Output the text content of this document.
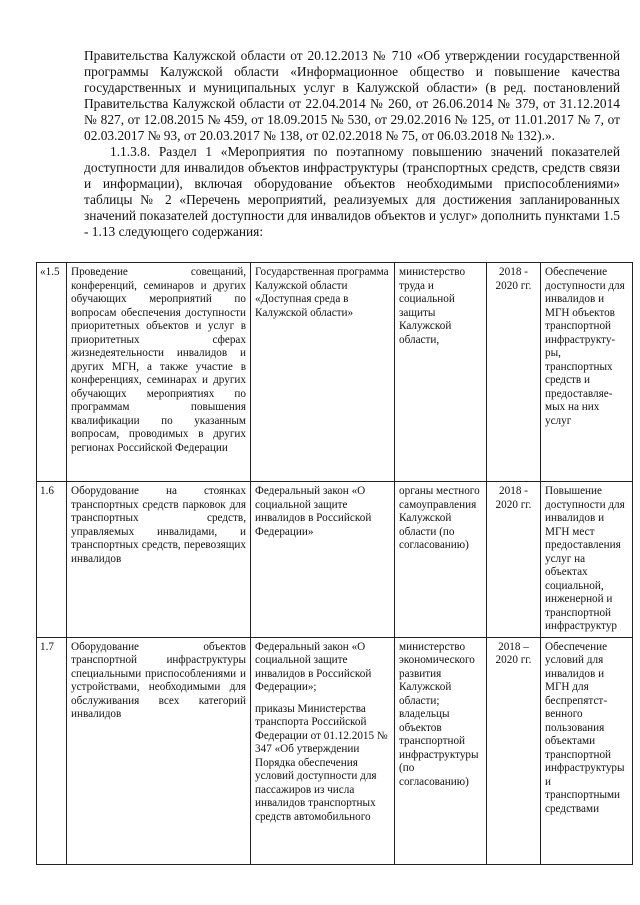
Правительства Калужской области от 20.12.2013 № 710 «Об утверждении государственной программы Калужской области «Информационное общество и повышение качества государственных и муниципальных услуг в Калужской области» (в ред. постановлений Правительства Калужской области от 22.04.2014 № 260, от 26.06.2014 № 379, от 31.12.2014 № 827, от 12.08.2015 № 459, от 18.09.2015 № 530, от 29.02.2016 № 125, от 11.01.2017 № 7, от 02.03.2017 № 93, от 20.03.2017 № 138, от 02.02.2018 № 75, от 06.03.2018 № 132).».

1.1.3.8. Раздел 1 «Мероприятия по поэтапному повышению значений показателей доступности для инвалидов объектов инфраструктуры (транспортных средств, средств связи и информации), включая оборудование объектов необходимыми приспособлениями» таблицы № 2 «Перечень мероприятий, реализуемых для достижения запланированных значений показателей доступности для инвалидов объектов и услуг» дополнить пунктами 1.5 - 1.13 следующего содержания:

«1.5	Проведение совещаний, конференций, семинаров и других обучающих мероприятий по вопросам обеспечения доступности приоритетных объектов и услуг в приоритетных сферах жизнедеятельности инвалидов и других МГН, а также участие в конференциях, семинарах и других обучающих мероприятиях по программам повышения квалификации по указанным вопросам, проводимых в других регионах Российской Федерации	Государственная программа Калужской области «Доступная среда в Калужской области»	министерство труда и социальной защиты Калужской области,	2018 - 2020 гг.	Обеспечение доступности для инвалидов и МГН объектов транспортной инфраструкту-ры, транспортных средств и предоставляе-мых на них услуг
1.6	Оборудование на стоянках транспортных средств парковок для транспортных средств, управляемых инвалидами, и транспортных средств, перевозящих инвалидов	Федеральный закон «О социальной защите инвалидов в Российской Федерации»	органы местного самоуправления Калужской области (по согласованию)	2018 - 2020 гг.	Повышение доступности для инвалидов и МГН мест предоставления услуг на объектах социальной, инженерной и транспортной инфраструктур
1.7	Оборудование объектов транспортной инфраструктуры специальными приспособлениями и устройствами, необходимыми для обслуживания всех категорий инвалидов	Федеральный закон «О социальной защите инвалидов в Российской Федерации»;
приказы Министерства транспорта Российской Федерации от 01.12.2015 № 347 «Об утверждении Порядка обеспечения условий доступности для пассажиров из числа инвалидов транспортных средств автомобильного	министерство экономического развития Калужской области;
владельцы объектов транспортной инфраструктуры (по согласованию)	2018 – 2020 гг.	Обеспечение условий для инвалидов и МГН для беспрепятст-венного пользования объектами транспортной инфраструктуры и транспортными средствами
